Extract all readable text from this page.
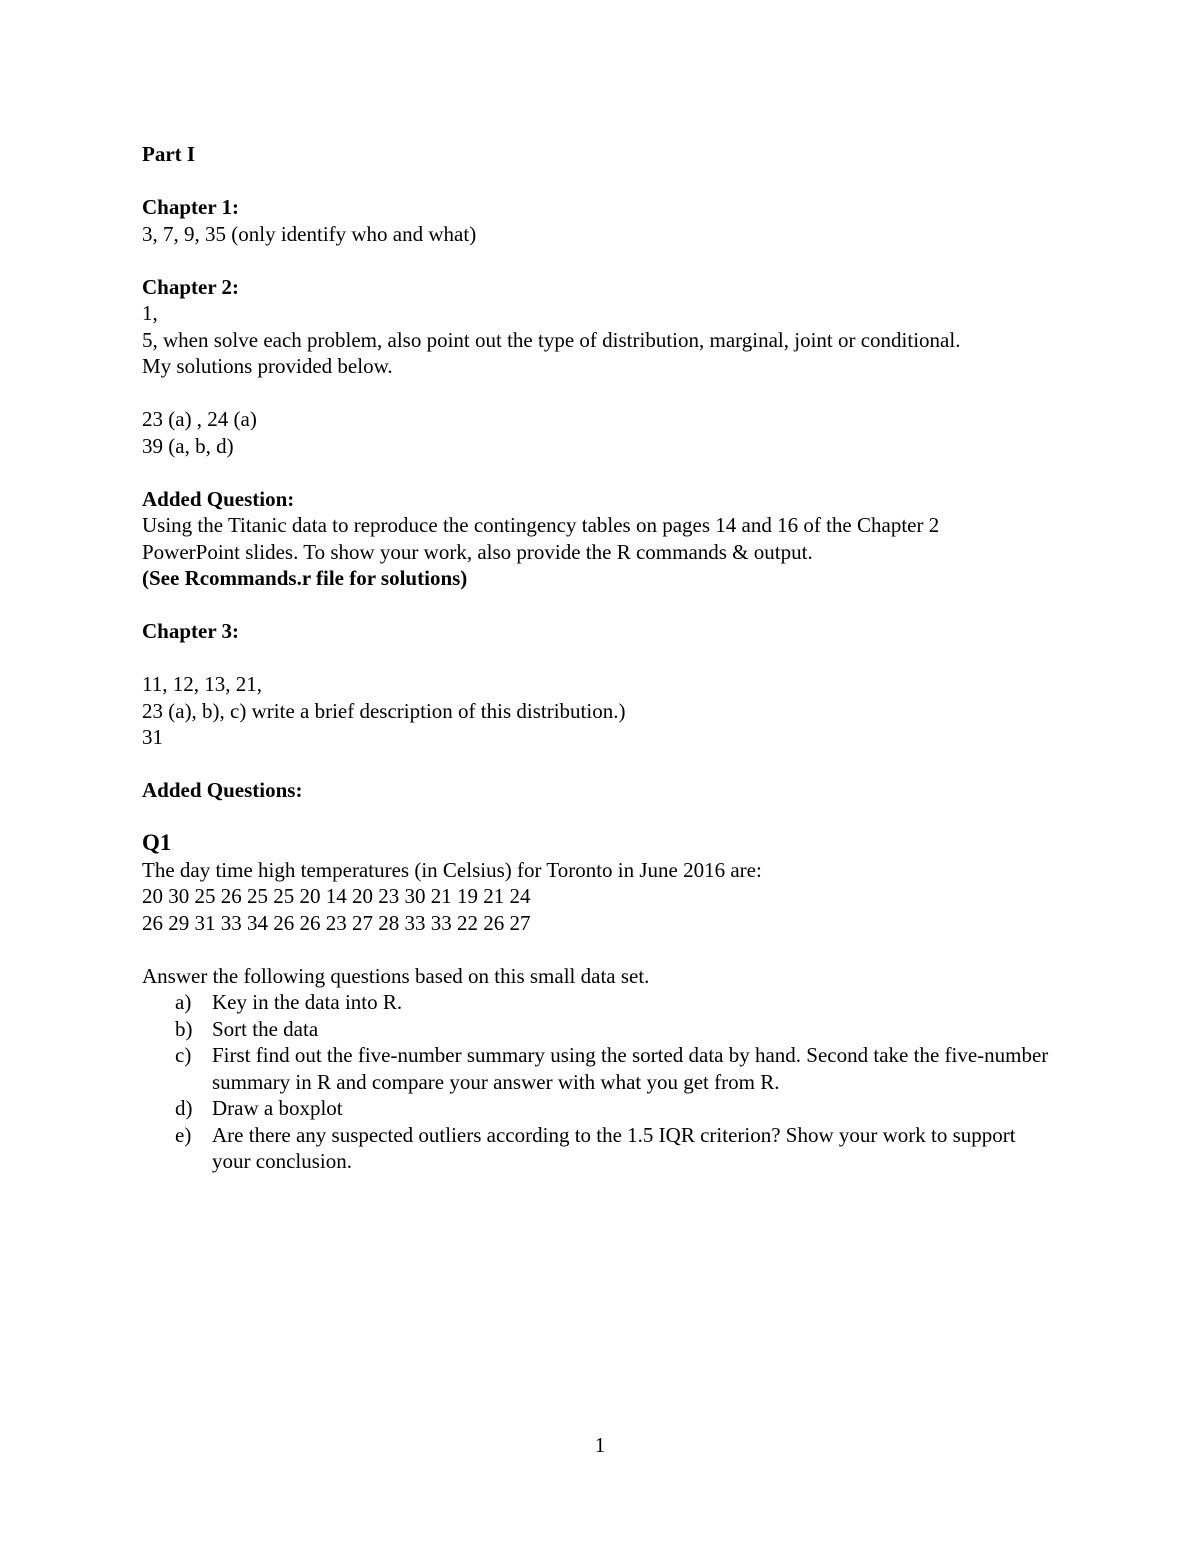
Part I
Chapter 1:
3, 7, 9, 35 (only identify who and what)
Chapter 2:
1,
5, when solve each problem, also point out the type of distribution, marginal, joint or conditional.
My solutions provided below.
23 (a) , 24 (a)
39 (a, b, d)
Added Question:
Using the Titanic data to reproduce the contingency tables on pages 14 and 16 of the Chapter 2
PowerPoint slides. To show your work, also provide the R commands & output.
(See Rcommands.r file for solutions)
Chapter 3:
11, 12, 13, 21,
23 (a), b), c) write a brief description of this distribution.)
31
Added Questions:
Q1
The day time high temperatures (in Celsius) for Toronto in June 2016 are:
20 30 25 26 25 25 20 14 20 23 30 21 19 21 24
26 29 31 33 34 26 26 23 27 28 33 33 22 26 27
Answer the following questions based on this small data set.
a) Key in the data into R.
b) Sort the data
c) First find out the five-number summary using the sorted data by hand. Second take the five-number summary in R and compare your answer with what you get from R.
d) Draw a boxplot
e) Are there any suspected outliers according to the 1.5 IQR criterion? Show your work to support your conclusion.
1
